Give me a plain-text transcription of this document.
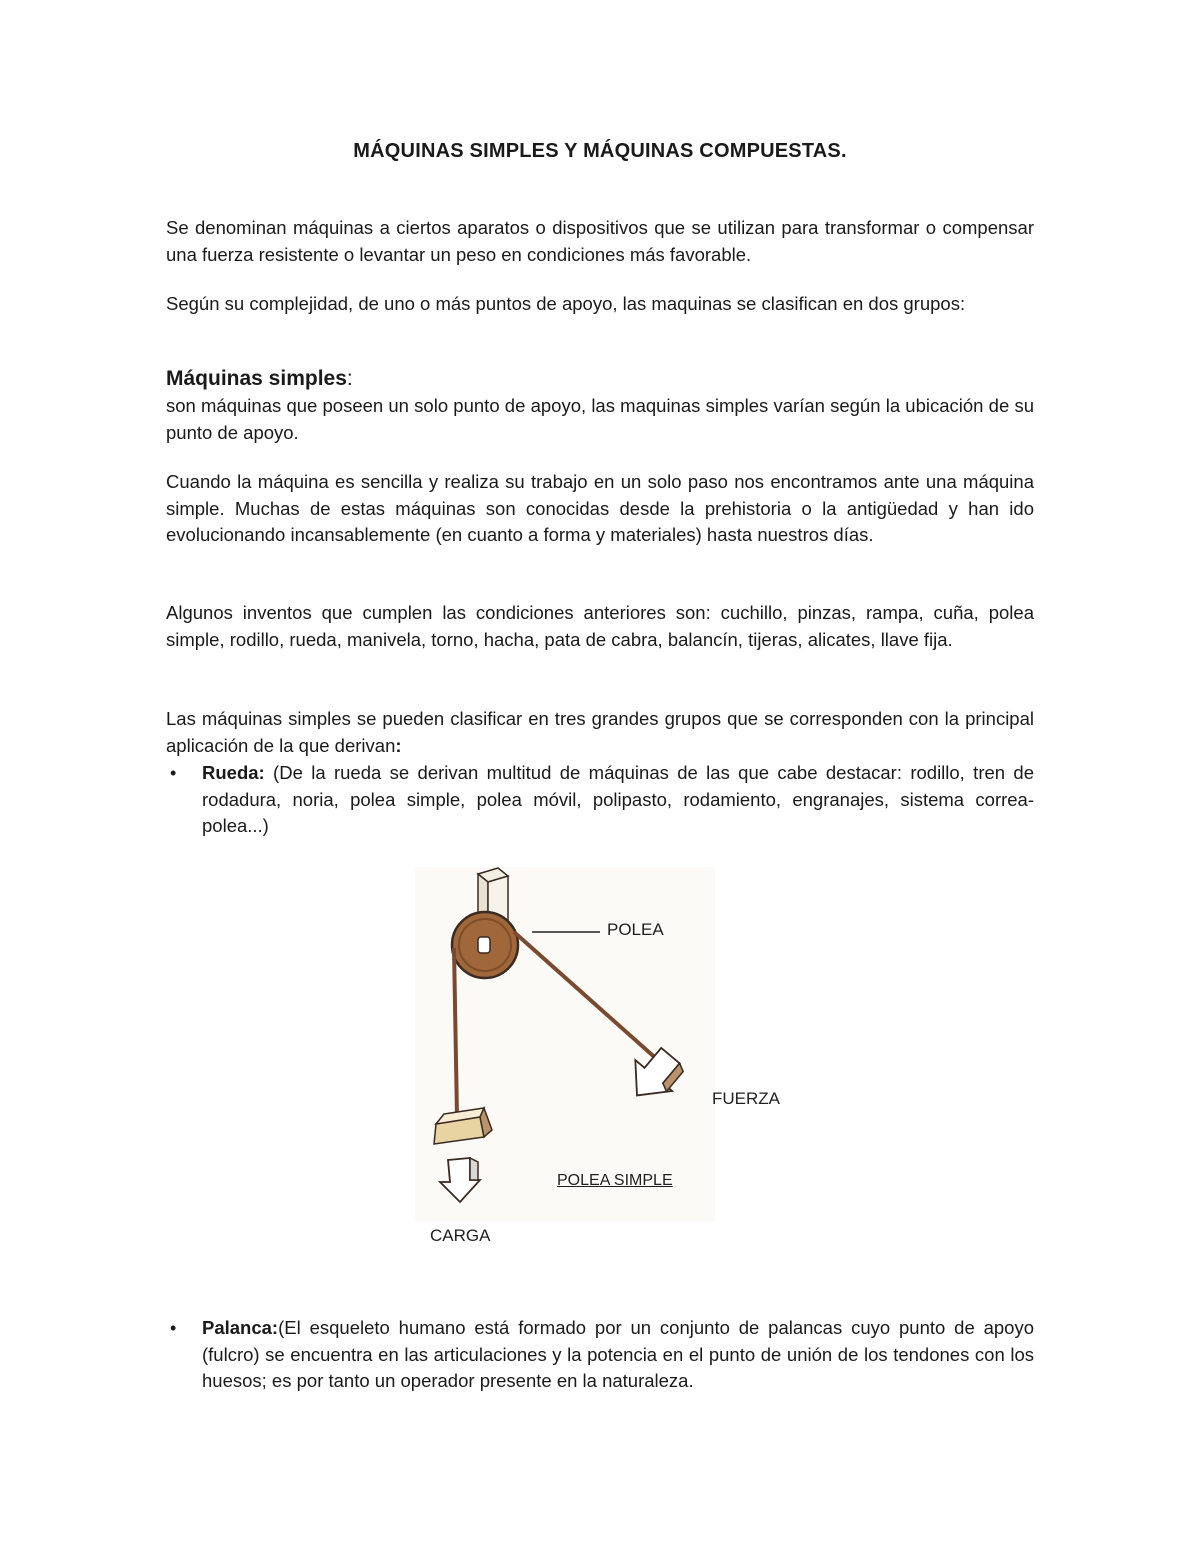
MÁQUINAS SIMPLES Y MÁQUINAS COMPUESTAS.

Se denominan máquinas a ciertos aparatos o dispositivos que se utilizan para transformar o compensar una fuerza resistente o levantar un peso en condiciones más favorable.

Según su complejidad, de uno o más puntos de apoyo, las maquinas se clasifican en dos grupos:

Máquinas simples:

son máquinas que poseen un solo punto de apoyo, las maquinas simples varían según la ubicación de su punto de apoyo.

Cuando la máquina es sencilla y realiza su trabajo en un solo paso nos encontramos ante una máquina simple. Muchas de estas máquinas son conocidas desde la prehistoria o la antigüedad y han ido evolucionando incansablemente (en cuanto a forma y materiales) hasta nuestros días.

Algunos inventos que cumplen las condiciones anteriores son: cuchillo, pinzas, rampa, cuña, polea simple, rodillo, rueda, manivela, torno, hacha, pata de cabra, balancín, tijeras, alicates, llave fija.

Las máquinas simples se pueden clasificar en tres grandes grupos que se corresponden con la principal aplicación de la que derivan:

• Rueda: (De la rueda se derivan multitud de máquinas de las que cabe destacar: rodillo, tren de rodadura, noria, polea simple, polea móvil, polipasto, rodamiento, engranajes, sistema correa-polea...)

POLEA
FUERZA
CARGA
POLEA SIMPLE
• Palanca:(El esqueleto humano está formado por un conjunto de palancas cuyo punto de apoyo (fulcro) se encuentra en las articulaciones y la potencia en el punto de unión de los tendones con los huesos; es por tanto un operador presente en la naturaleza.
